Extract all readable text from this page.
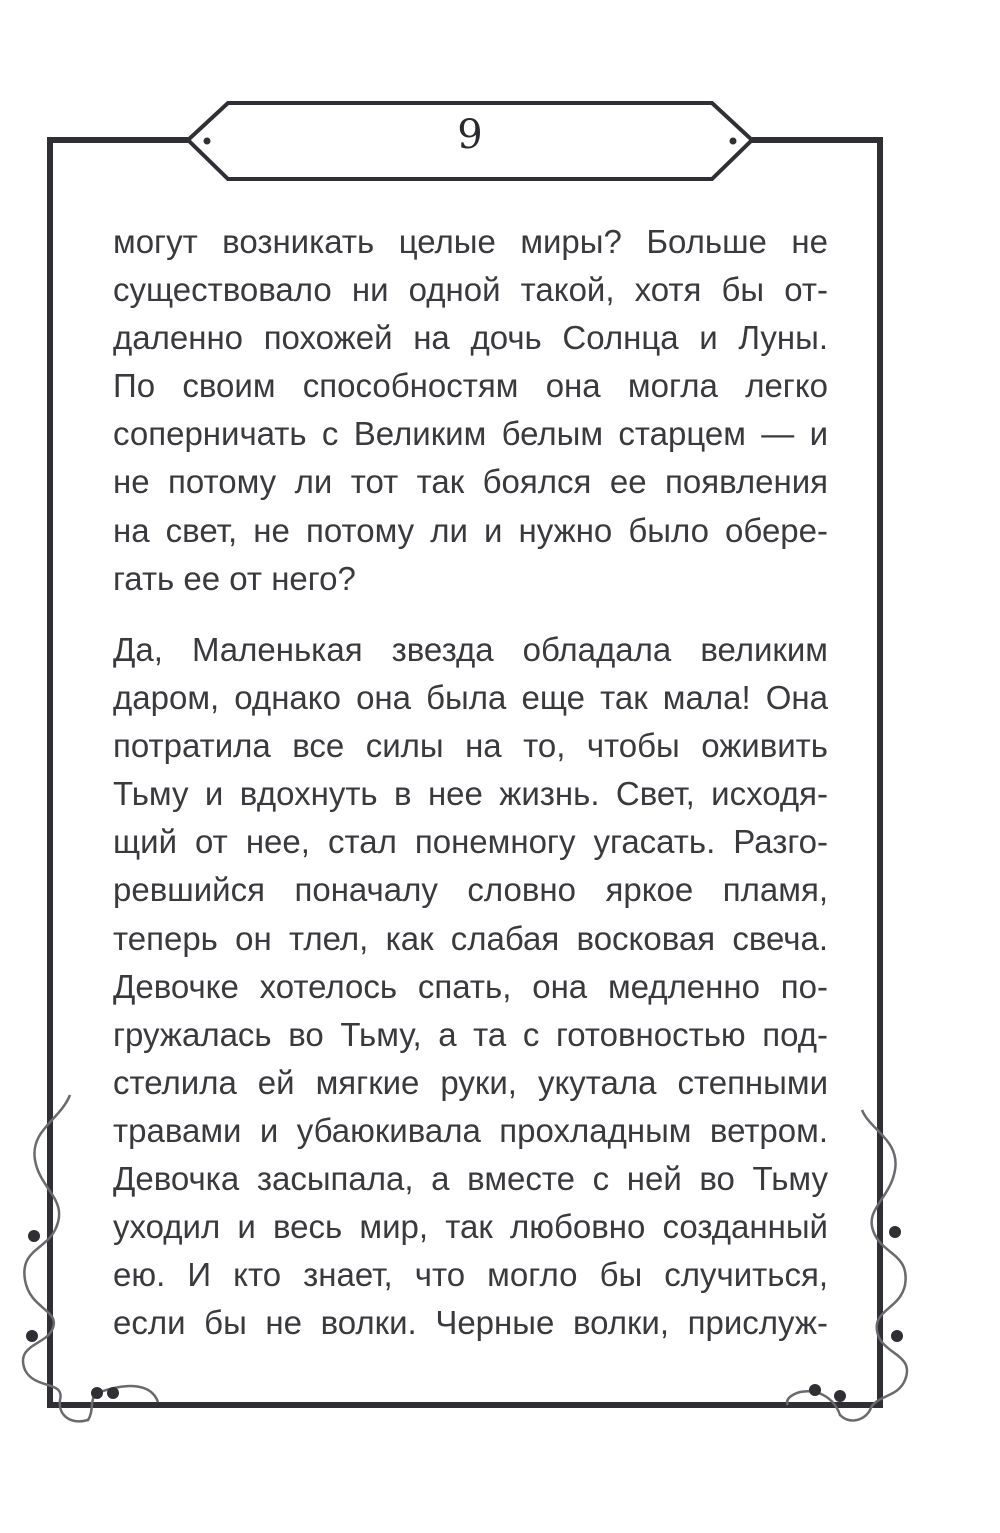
9
могут возникать целые миры? Больше не
существовало ни одной такой, хотя бы от-
даленно похожей на дочь Солнца и Луны.
По своим способностям она могла легко
соперничать с Великим белым старцем — и
не потому ли тот так боялся ее появления
на свет, не потому ли и нужно было обере-
гать ее от него?
Да, Маленькая звезда обладала великим
даром, однако она была еще так мала! Она
потратила все силы на то, чтобы оживить
Тьму и вдохнуть в нее жизнь. Свет, исходя-
щий от нее, стал понемногу угасать. Разго-
ревшийся поначалу словно яркое пламя,
теперь он тлел, как слабая восковая свеча.
Девочке хотелось спать, она медленно по-
гружалась во Тьму, а та с готовностью под-
стелила ей мягкие руки, укутала степными
травами и убаюкивала прохладным ветром.
Девочка засыпала, а вместе с ней во Тьму
уходил и весь мир, так любовно созданный
ею. И кто знает, что могло бы случиться,
если бы не волки. Черные волки, прислуж-
